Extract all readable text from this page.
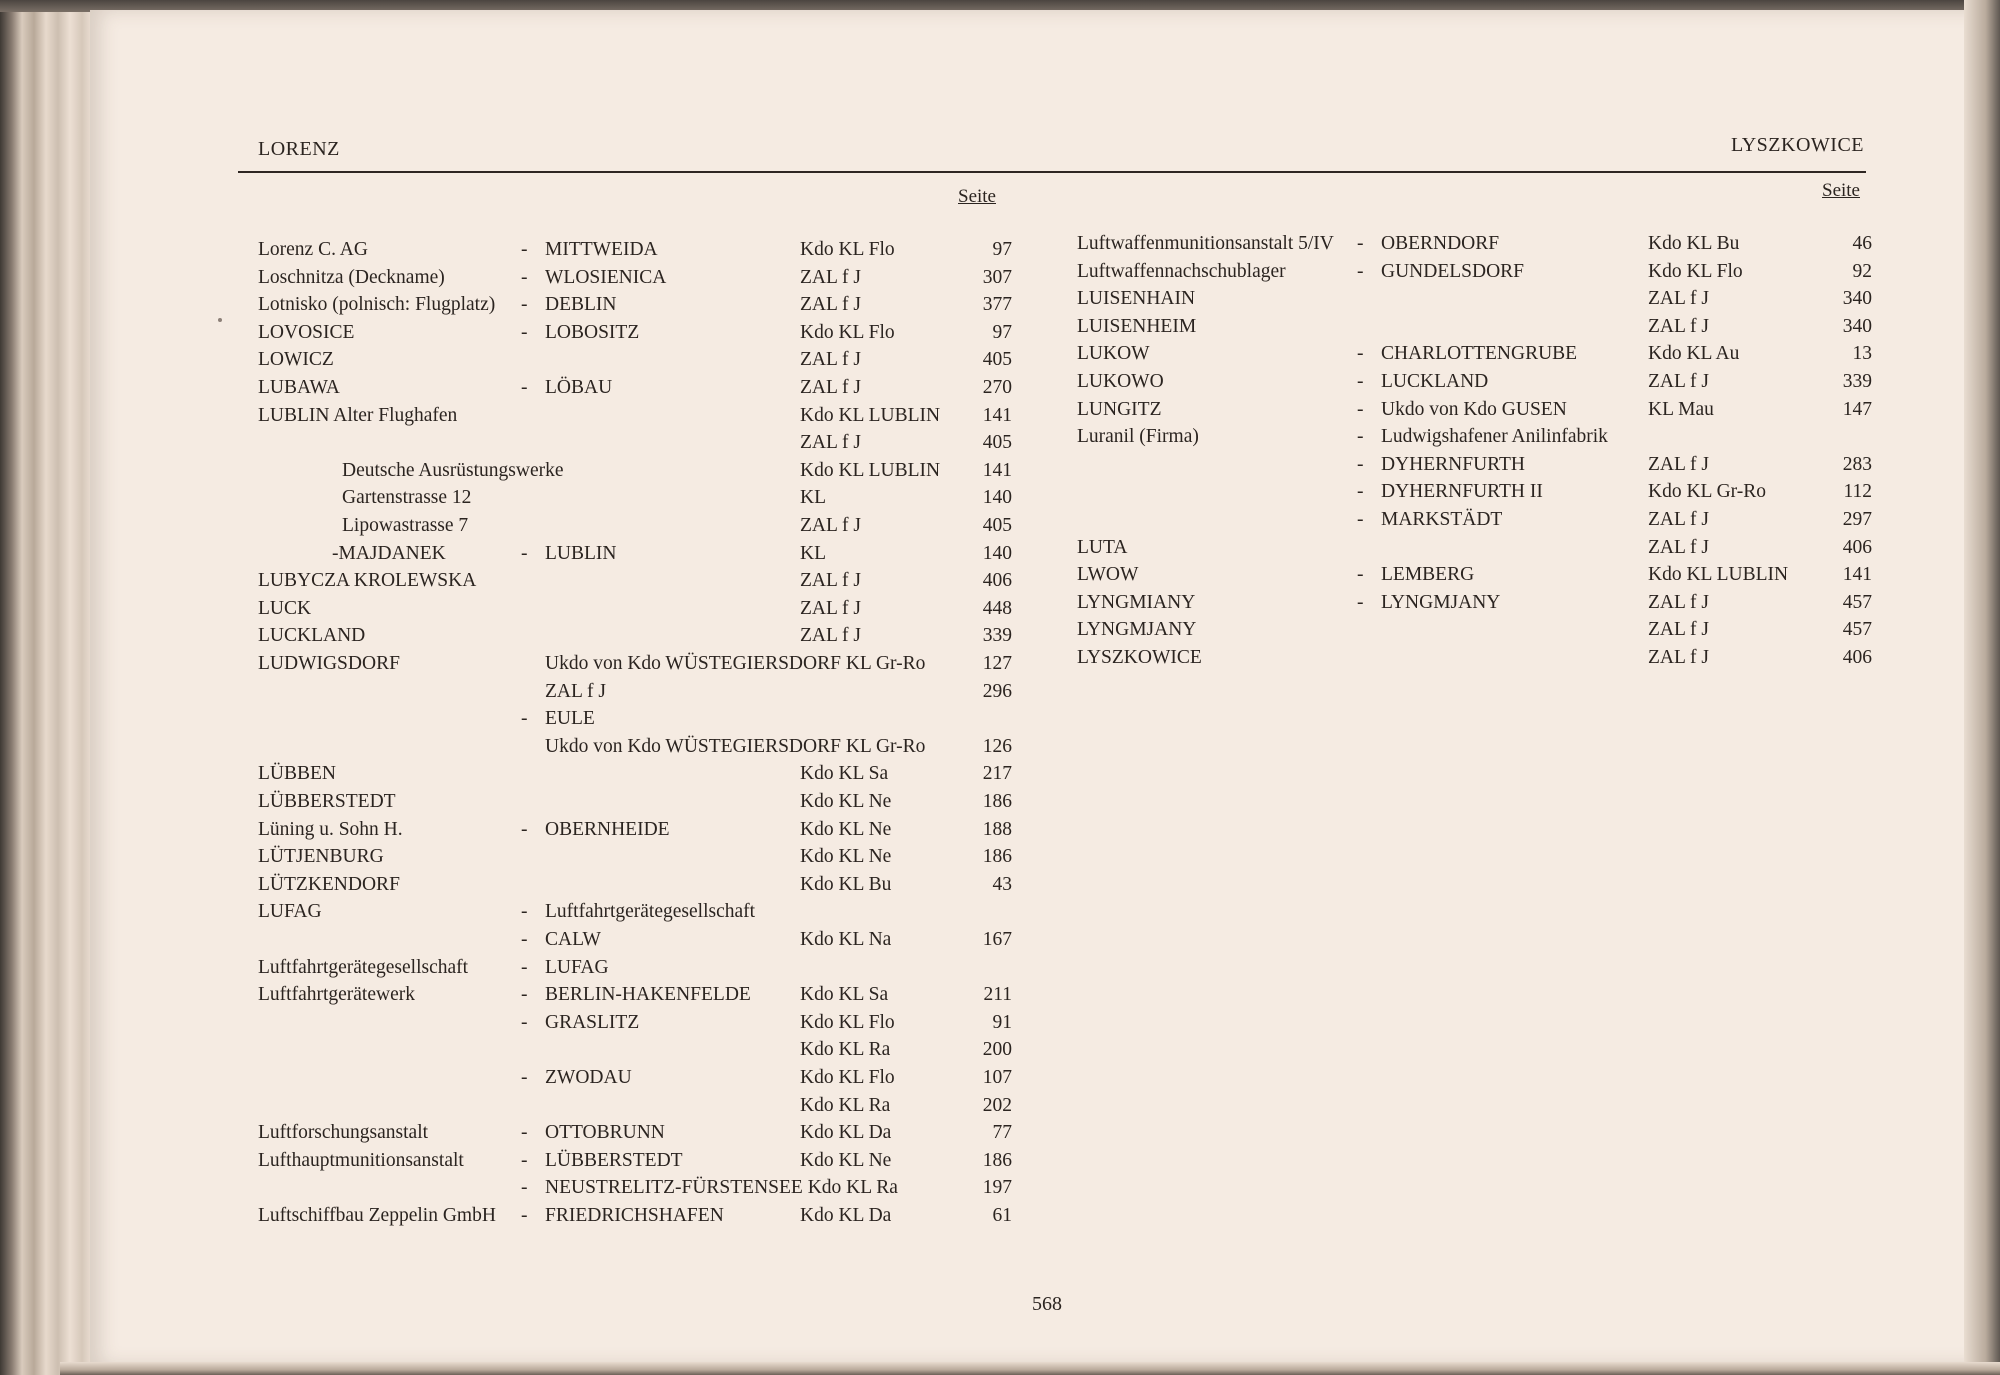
LORENZ	LYSZKOWICE
Seite	Seite
Lorenz C. AG	- MITTWEIDA	Kdo KL Flo	97
Loschnitza (Deckname)	- WLOSIENICA	ZAL f J	307
Lotnisko (polnisch: Flugplatz) - DEBLIN	ZAL f J	377
LOVOSICE	- LOBOSITZ	Kdo KL Flo	97
LOWICZ	ZAL f J	405
LUBAWA	- LÖBAU	ZAL f J	270
LUBLIN Alter Flughafen	Kdo KL LUBLIN	141
ZAL f J	405
Deutsche Ausrüstungswerke	Kdo KL LUBLIN	141
Gartenstrasse 12	KL	140
Lipowastrasse 7	ZAL f J	405
-MAJDANEK	- LUBLIN	KL	140
LUBYCZA KROLEWSKA	ZAL f J	406
LUCK	ZAL f J	448
LUCKLAND	ZAL f J	339
LUDWIGSDORF	Ukdo von Kdo WÜSTEGIERSDORF KL Gr-Ro	127
ZAL f J	296
- EULE
Ukdo von Kdo WÜSTEGIERSDORF KL Gr-Ro	126
LÜBBEN	Kdo KL Sa	217
LÜBBERSTEDT	Kdo KL Ne	186
Lüning u. Sohn H.	- OBERNHEIDE	Kdo KL Ne	188
LÜTJENBURG	Kdo KL Ne	186
LÜTZKENDORF	Kdo KL Bu	43
LUFAG	- Luftfahrtgerätegesellschaft
- CALW	Kdo KL Na	167
Luftfahrtgerätegesellschaft	- LUFAG
Luftfahrtgerätewerk	- BERLIN-HAKENFELDE	Kdo KL Sa	211
- GRASLITZ	Kdo KL Flo	91
Kdo KL Ra	200
- ZWODAU	Kdo KL Flo	107
Kdo KL Ra	202
Luftforschungsanstalt	- OTTOBRUNN	Kdo KL Da	77
Lufthauptmunitionsanstalt	- LÜBBERSTEDT	Kdo KL Ne	186
- NEUSTRELITZ-FÜRSTENSEE Kdo KL Ra	197
Luftschiffbau Zeppelin GmbH - FRIEDRICHSHAFEN	Kdo KL Da	61
Luftwaffenmunitionsanstalt 5/IV - OBERNDORF	Kdo KL Bu	46
Luftwaffennachschublager	- GUNDELSDORF	Kdo KL Flo	92
LUISENHAIN	ZAL f J	340
LUISENHEIM	ZAL f J	340
LUKOW	- CHARLOTTENGRUBE	Kdo KL Au	13
LUKOWO	- LUCKLAND	ZAL f J	339
LUNGITZ	- Ukdo von Kdo GUSEN	KL Mau	147
Luranil (Firma)	- Ludwigshafener Anilinfabrik
- DYHERNFURTH	ZAL f J	283
- DYHERNFURTH II	Kdo KL Gr-Ro	112
- MARKSTÄDT	ZAL f J	297
LUTA	ZAL f J	406
LWOW	- LEMBERG	Kdo KL LUBLIN	141
LYNGMIANY	- LYNGMJANY	ZAL f J	457
LYNGMJANY	ZAL f J	457
LYSZKOWICE	ZAL f J	406
568
